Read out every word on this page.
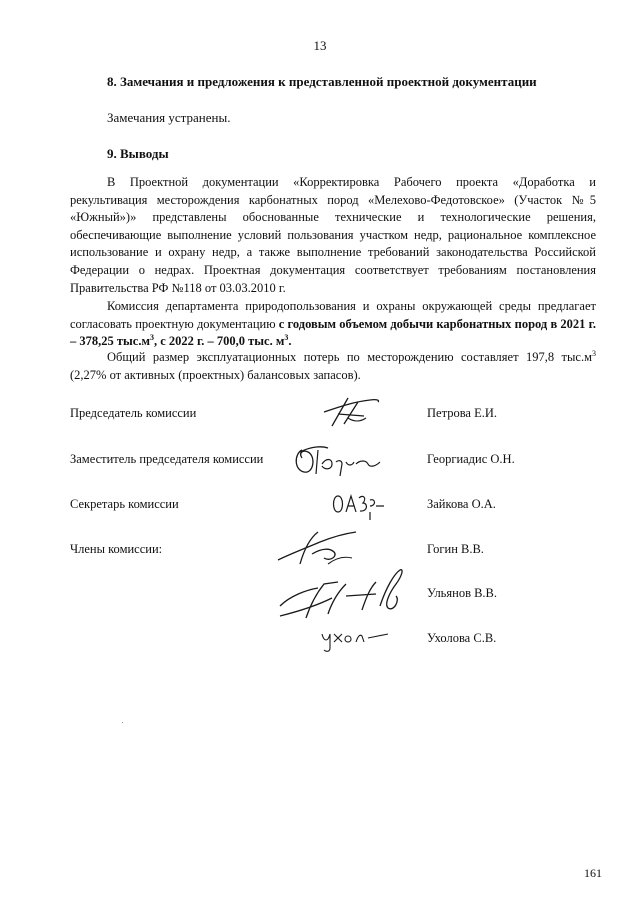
13
8. Замечания и предложения к представленной проектной документации
Замечания устранены.
9. Выводы

В Проектной документации «Корректировка Рабочего проекта «Доработка и рекультивация месторождения карбонатных пород «Мелехово-Федотовское» (Участок №5 «Южный»)» представлены обоснованные технические и технологические решения, обеспечивающие выполнение условий пользования участком недр, рациональное комплексное использование и охрану недр, а также выполнение требований законодательства Российской Федерации о недрах. Проектная документация соответствует требованиям постановления Правительства РФ №118 от 03.03.2010 г.

Комиссия департамента природопользования и охраны окружающей среды предлагает согласовать проектную документацию с годовым объемом добычи карбонатных пород в 2021 г. – 378,25 $тыс.м^3$, с 2022 г. – 700,0 тыс. $м^3$.

Общий размер эксплуатационных потерь по месторождению составляет 197,8 $тыс.м^3$ (2,27% от активных (проектных) балансовых запасов).

Председатель комиссии	Петрова Е.И.
Заместитель председателя комиссии	Георгиадис О.Н.
Секретарь комиссии	Зайкова О.А.
Члены комиссии:	Гогин В.В.
Ульянов В.В.
Ухолова С.В.
161
